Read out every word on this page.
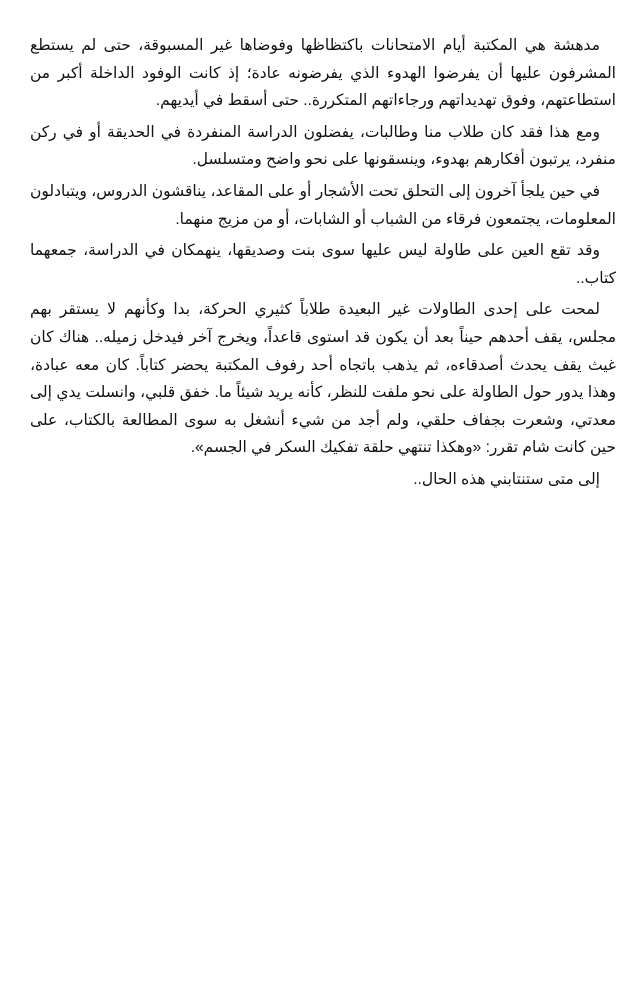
مدهشة هي المكتبة أيام الامتحانات باكتظاظها وفوضاها غير المسبوقة، حتى لم يستطع المشرفون عليها أن يفرضوا الهدوء الذي يفرضونه عادة؛ إذ كانت الوفود الداخلة أكبر من استطاعتهم، وفوق تهديداتهم ورجاءاتهم المتكررة.. حتى أسقط في أيديهم.

ومع هذا فقد كان طلاب منا وطالبات، يفضلون الدراسة المنفردة في الحديقة أو في ركن منفرد، يرتبون أفكارهم بهدوء، وينسقونها على نحو واضح ومتسلسل.

في حين يلجأ آخرون إلى التحلق تحت الأشجار أو على المقاعد، يناقشون الدروس، ويتبادلون المعلومات، يجتمعون فرقاء من الشباب أو الشابات، أو من مزيج منهما.

وقد تقع العين على طاولة ليس عليها سوى بنت وصديقها، ينهمكان في الدراسة، جمعهما كتاب..

لمحت على إحدى الطاولات غير البعيدة طلاباً كثيري الحركة، بدا وكأنهم لا يستقر بهم مجلس، يقف أحدهم حيناً بعد أن يكون قد استوى قاعداً، ويخرج آخر فيدخل زميله.. هناك كان غيث يقف يحدث أصدقاءه، ثم يذهب باتجاه أحد رفوف المكتبة يحضر كتاباً. كان معه عبادة، وهذا يدور حول الطاولة على نحو ملفت للنظر، كأنه يريد شيئاً ما. خفق قلبي، وانسلت يدي إلى معدتي، وشعرت بجفاف حلقي، ولم أجد من شيء أنشغل به سوى المطالعة بالكتاب، على حين كانت شام تقرر: «وهكذا تنتهي حلقة تفكيك السكر في الجسم».

إلى متى ستنتابني هذه الحال..
